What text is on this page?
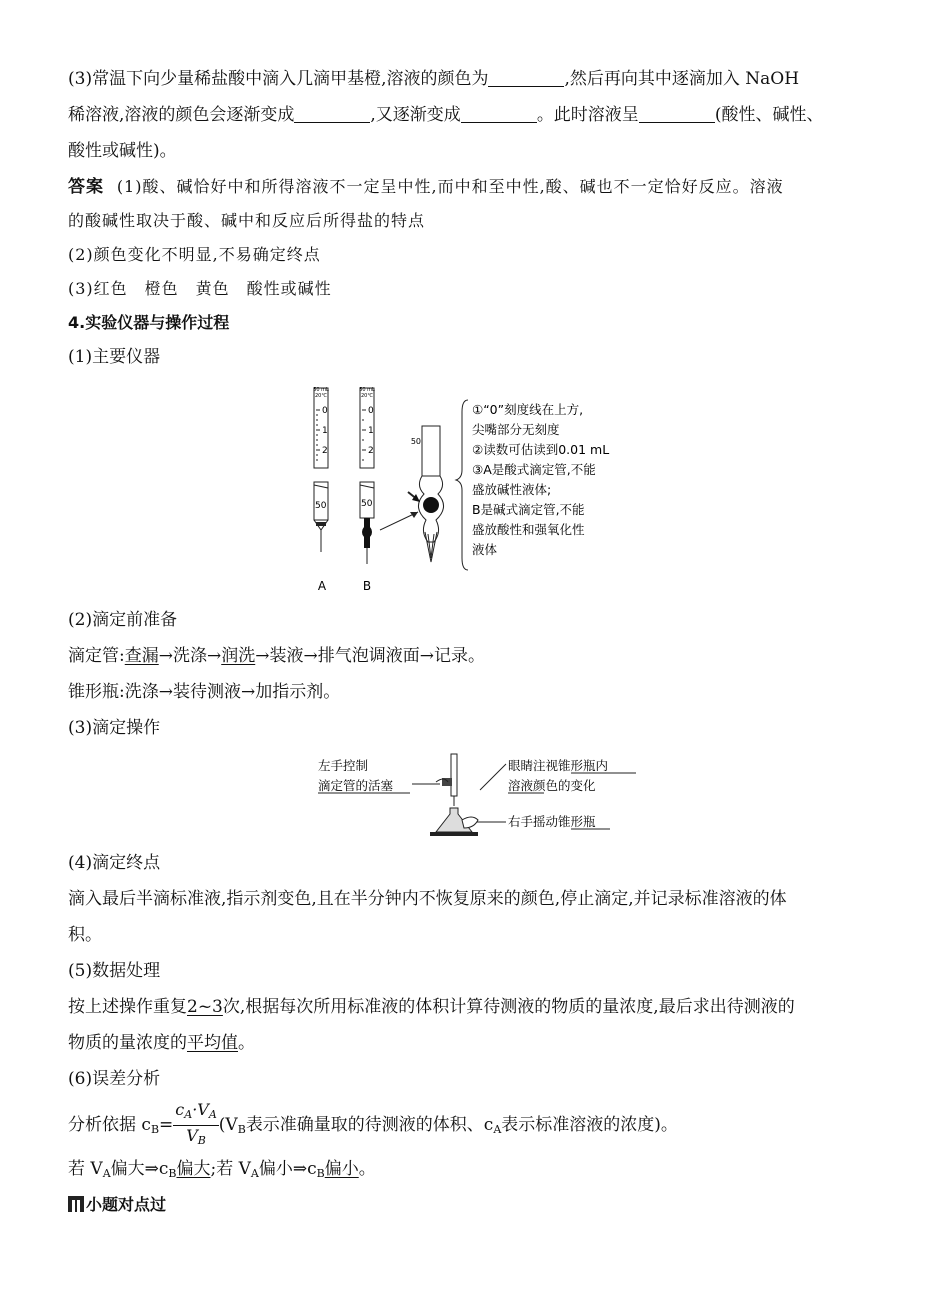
(3)常温下向少量稀盐酸中滴入几滴甲基橙,溶液的颜色为	,然后再向其中逐滴加入 NaOH
稀溶液,溶液的颜色会逐渐变成	,又逐渐变成	。此时溶液呈	(酸性、碱性、
酸性或碱性)。
答案 (1)酸、碱恰好中和所得溶液不一定呈中性,而中和至中性,酸、碱也不一定恰好反应。溶液
的酸碱性取决于酸、碱中和反应后所得盐的特点
(2)颜色变化不明显,不易确定终点
(3)红色　橙色　黄色　酸性或碱性
4.实验仪器与操作过程
(1)主要仪器
50 mL
20℃
0
1
2
50
A
50 mL
20℃
0
1
2
50
B
50
①“0”刻度线在上方,
尖嘴部分无刻度
②读数可估读到0.01 mL
③A是酸式滴定管,不能
盛放碱性液体;
B是碱式滴定管,不能
盛放酸性和强氧化性
液体
(2)滴定前准备
滴定管:查漏→洗涤→润洗→装液→排气泡调液面→记录。
锥形瓶:洗涤→装待测液→加指示剂。
(3)滴定操作
左手控制
滴定管的活塞
眼睛注视锥形瓶内
溶液颜色的变化
右手摇动锥形瓶
(4)滴定终点
滴入最后半滴标准液,指示剂变色,且在半分钟内不恢复原来的颜色,停止滴定,并记录标准溶液的体
积。
(5)数据处理
按上述操作重复2~3次,根据每次所用标准液的体积计算待测液的物质的量浓度,最后求出待测液的
物质的量浓度的平均值。
(6)误差分析
分析依据 $c_B= \frac{c_A\cdot V_A}{V_B} (V_B$表示准确量取的待测液的体积、$c_A$表示标准溶液的浓度)。
若 $V_A$偏大$\Rightarrow c_B$偏大;若 $V_A$偏小$\Rightarrow c_B$偏小。
小题对点过
